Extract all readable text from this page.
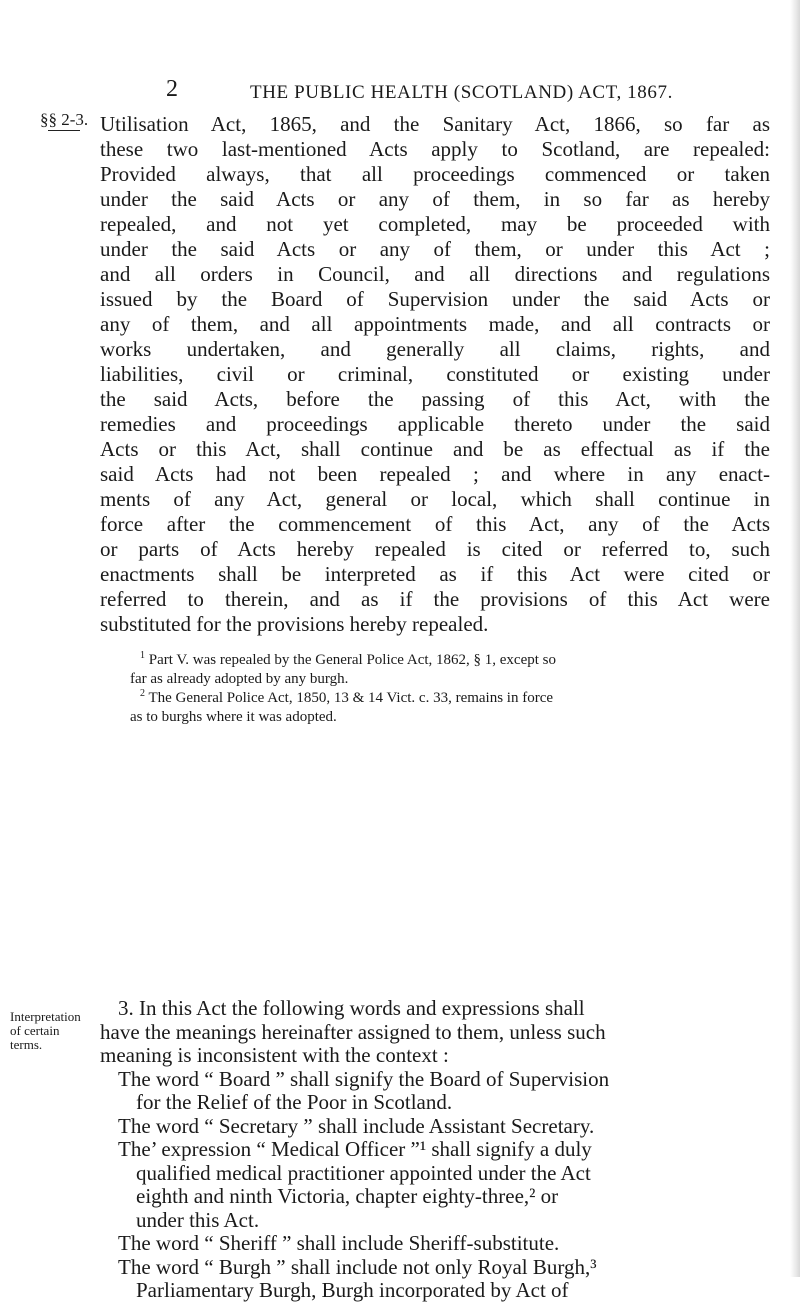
2	THE PUBLIC HEALTH (SCOTLAND) ACT, 1867.
§§ 2-3. Utilisation Act, 1865, and the Sanitary Act, 1866, so far as
these two last-mentioned Acts apply to Scotland, are repealed:
Provided always, that all proceedings commenced or taken
under the said Acts or any of them, in so far as hereby
repealed, and not yet completed, may be proceeded with
under the said Acts or any of them, or under this Act ;
and all orders in Council, and all directions and regulations
issued by the Board of Supervision under the said Acts or
any of them, and all appointments made, and all contracts or
works undertaken, and generally all claims, rights, and
liabilities, civil or criminal, constituted or existing under
the said Acts, before the passing of this Act, with the
remedies and proceedings applicable thereto under the said
Acts or this Act, shall continue and be as effectual as if the
said Acts had not been repealed ; and where in any enact-
ments of any Act, general or local, which shall continue in
force after the commencement of this Act, any of the Acts
or parts of Acts hereby repealed is cited or referred to, such
enactments shall be interpreted as if this Act were cited or
referred to therein, and as if the provisions of this Act were
substituted for the provisions hereby repealed.
$^1$ Part V. was repealed by the General Police Act, 1862, § 1, except so
far as already adopted by any burgh.
$^2$ The General Police Act, 1850, 13 & 14 Vict. c. 33, remains in force
as to burghs where it was adopted.
Interpretation
of certain
terms.
3. In this Act the following words and expressions shall
have the meanings hereinafter assigned to them, unless such
meaning is inconsistent with the context :
The word “ Board ” shall signify the Board of Supervision
for the Relief of the Poor in Scotland.
The word “ Secretary ” shall include Assistant Secretary.
The’ expression “ Medical Officer ”¹ shall signify a duly
qualified medical practitioner appointed under the Act
eighth and ninth Victoria, chapter eighty-three,² or
under this Act.
The word “ Sheriff ” shall include Sheriff-substitute.
The word “ Burgh ” shall include not only Royal Burgh,³
Parliamentary Burgh, Burgh incorporated by Act of
